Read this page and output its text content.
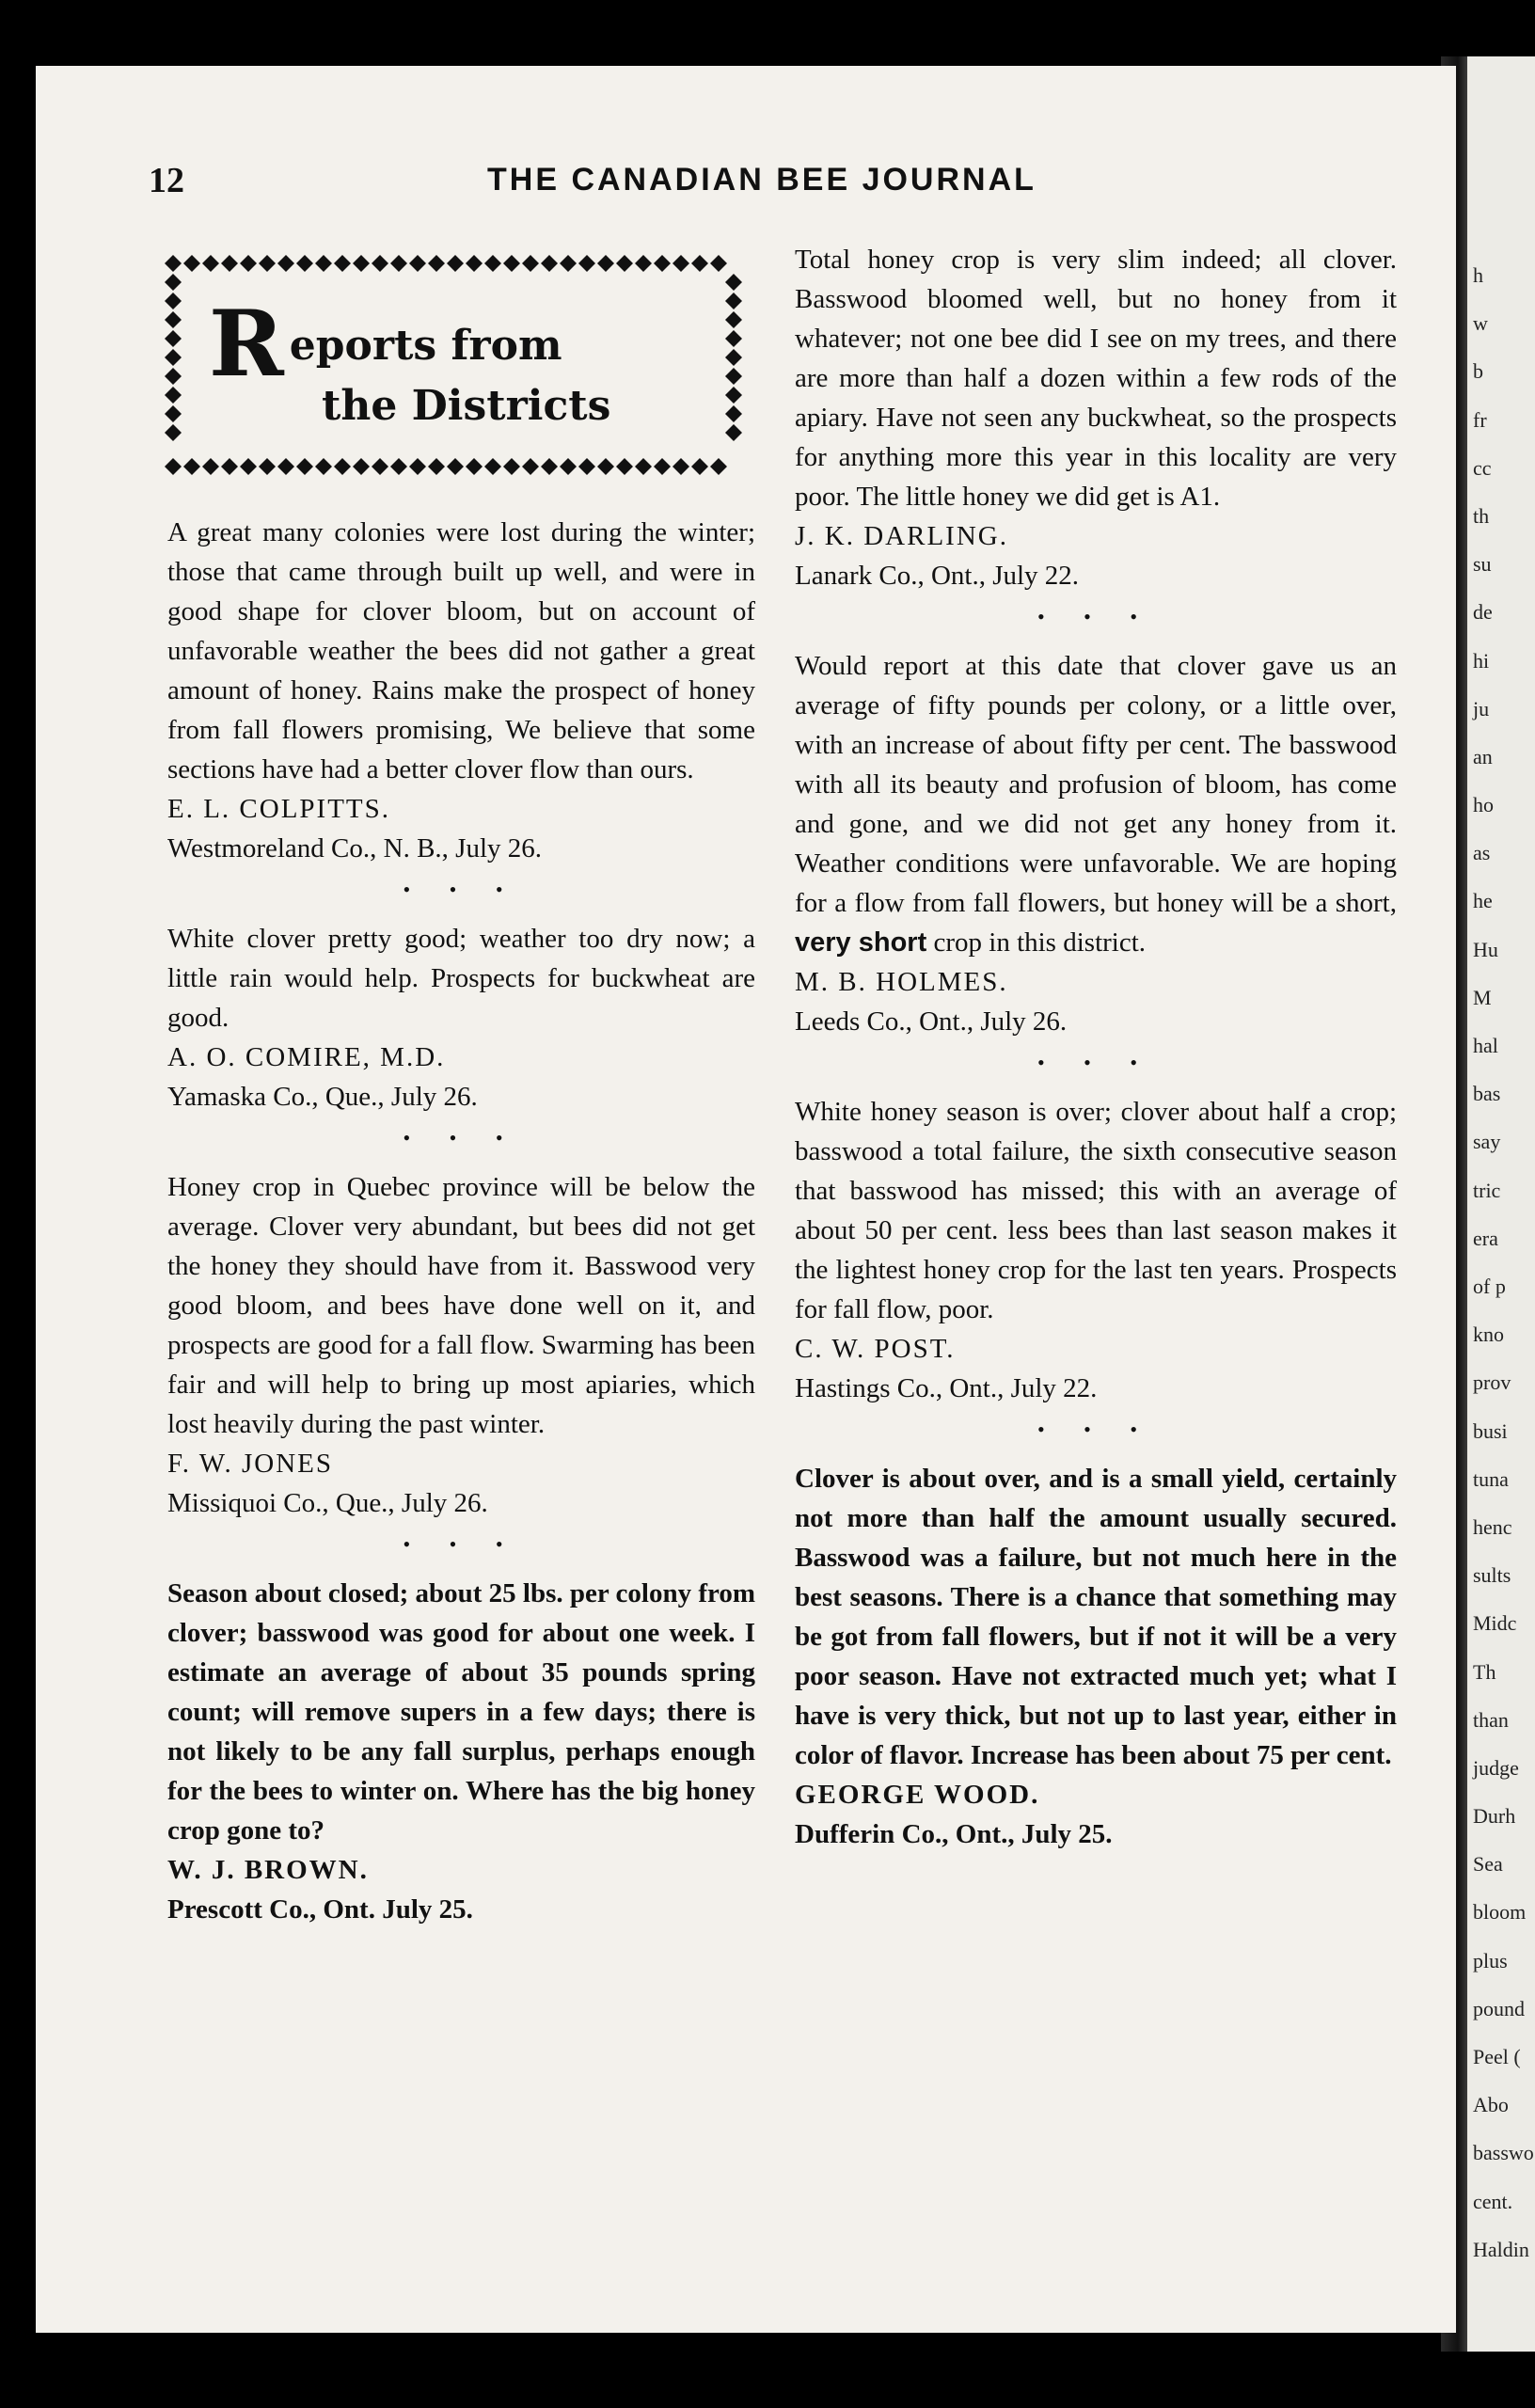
h
w
b
fr
cc
th
su
de
hi
ju
an
ho
as
he
Hu
M
hal
bas
say
tric
era
of p
kno
prov
busi
tuna
henc
sults
Midc
Th
than
judge
Durh
Sea
bloom
plus
pound
Peel (
Abo
basswo
cent.
Haldin
12	THE CANADIAN BEE JOURNAL
R eports from
the Districts

A great many colonies were lost during the winter; those that came through built up well, and were in good shape for clover bloom, but on account of unfavorable weather the bees did not gather a great amount of honey. Rains make the prospect of honey from fall flowers promising, We believe that some sections have had a better clover flow than ours.

E. L. COLPITTS.

Westmoreland Co., N. B., July 26.

• • •

White clover pretty good; weather too dry now; a little rain would help. Prospects for buckwheat are good.

A. O. COMIRE, M.D.

Yamaska Co., Que., July 26.

• • •

Honey crop in Quebec province will be below the average. Clover very abundant, but bees did not get the honey they should have from it. Basswood very good bloom, and bees have done well on it, and prospects are good for a fall flow. Swarming has been fair and will help to bring up most apiaries, which lost heavily during the past winter.

F. W. JONES

Missiquoi Co., Que., July 26.

• • •

Season about closed; about 25 lbs. per colony from clover; basswood was good for about one week. I estimate an average of about 35 pounds spring count; will remove supers in a few days; there is not likely to be any fall surplus, perhaps enough for the bees to winter on. Where has the big honey crop gone to?

W. J. BROWN.

Prescott Co., Ont. July 25.

Total honey crop is very slim indeed; all clover. Basswood bloomed well, but no honey from it whatever; not one bee did I see on my trees, and there are more than half a dozen within a few rods of the apiary. Have not seen any buckwheat, so the prospects for anything more this year in this locality are very poor. The little honey we did get is A1.

J. K. DARLING.

Lanark Co., Ont., July 22.

• • •

Would report at this date that clover gave us an average of fifty pounds per colony, or a little over, with an increase of about fifty per cent. The basswood with all its beauty and profusion of bloom, has come and gone, and we did not get any honey from it. Weather conditions were unfavorable. We are hoping for a flow from fall flowers, but honey will be a short, very short crop in this district.

M. B. HOLMES.

Leeds Co., Ont., July 26.

• • •

White honey season is over; clover about half a crop; basswood a total failure, the sixth consecutive season that basswood has missed; this with an average of about 50 per cent. less bees than last season makes it the lightest honey crop for the last ten years. Prospects for fall flow, poor.

C. W. POST.

Hastings Co., Ont., July 22.

• • •

Clover is about over, and is a small yield, certainly not more than half the amount usually secured. Basswood was a failure, but not much here in the best seasons. There is a chance that something may be got from fall flowers, but if not it will be a very poor season. Have not extracted much yet; what I have is very thick, but not up to last year, either in color of flavor. Increase has been about 75 per cent.

GEORGE WOOD.

Dufferin Co., Ont., July 25.
